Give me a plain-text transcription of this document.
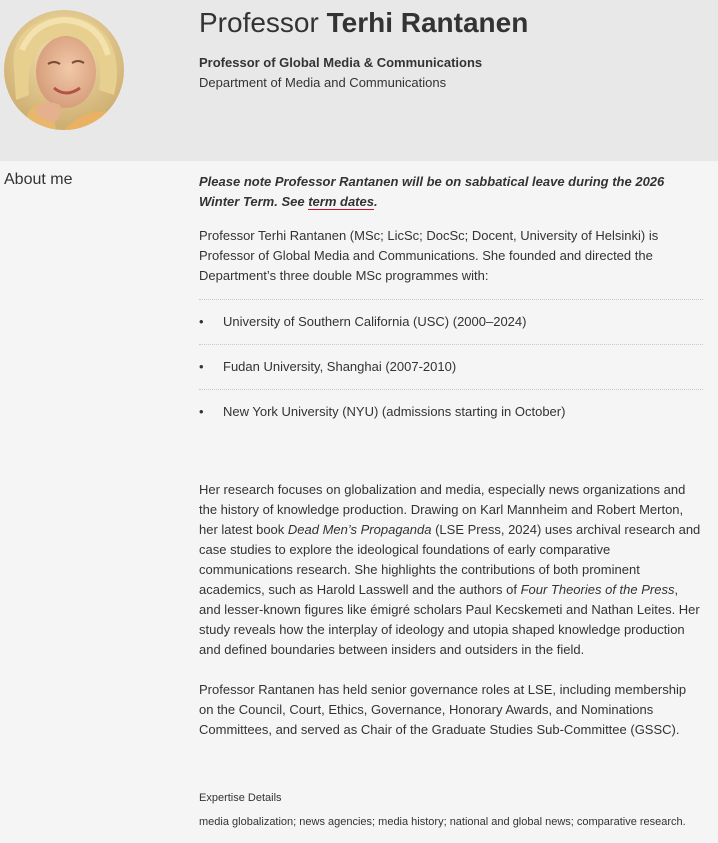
Professor Terhi Rantanen
Professor of Global Media & Communications
Department of Media and Communications
About me	Please note Professor Rantanen will be on sabbatical leave during the 2026 Winter Term. See term dates.

Professor Terhi Rantanen (MSc; LicSc; DocSc; Docent, University of Helsinki) is Professor of Global Media and Communications. She founded and directed the Department’s three double MSc programmes with:

• University of Southern California (USC) (2000–2024)
• Fudan University, Shanghai (2007-2010)
• New York University (NYU) (admissions starting in October)

Her research focuses on globalization and media, especially news organizations and the history of knowledge production. Drawing on Karl Mannheim and Robert Merton, her latest book Dead Men’s Propaganda (LSE Press, 2024) uses archival research and case studies to explore the ideological foundations of early comparative communications research. She highlights the contributions of both prominent academics, such as Harold Lasswell and the authors of Four Theories of the Press, and lesser-known figures like émigré scholars Paul Kecskemeti and Nathan Leites. Her study reveals how the interplay of ideology and utopia shaped knowledge production and defined boundaries between insiders and outsiders in the field.

Professor Rantanen has held senior governance roles at LSE, including membership on the Council, Court, Ethics, Governance, Honorary Awards, and Nominations Committees, and served as Chair of the Graduate Studies Sub-Committee (GSSC).

Expertise Details

media globalization; news agencies; media history; national and global news; comparative research.
